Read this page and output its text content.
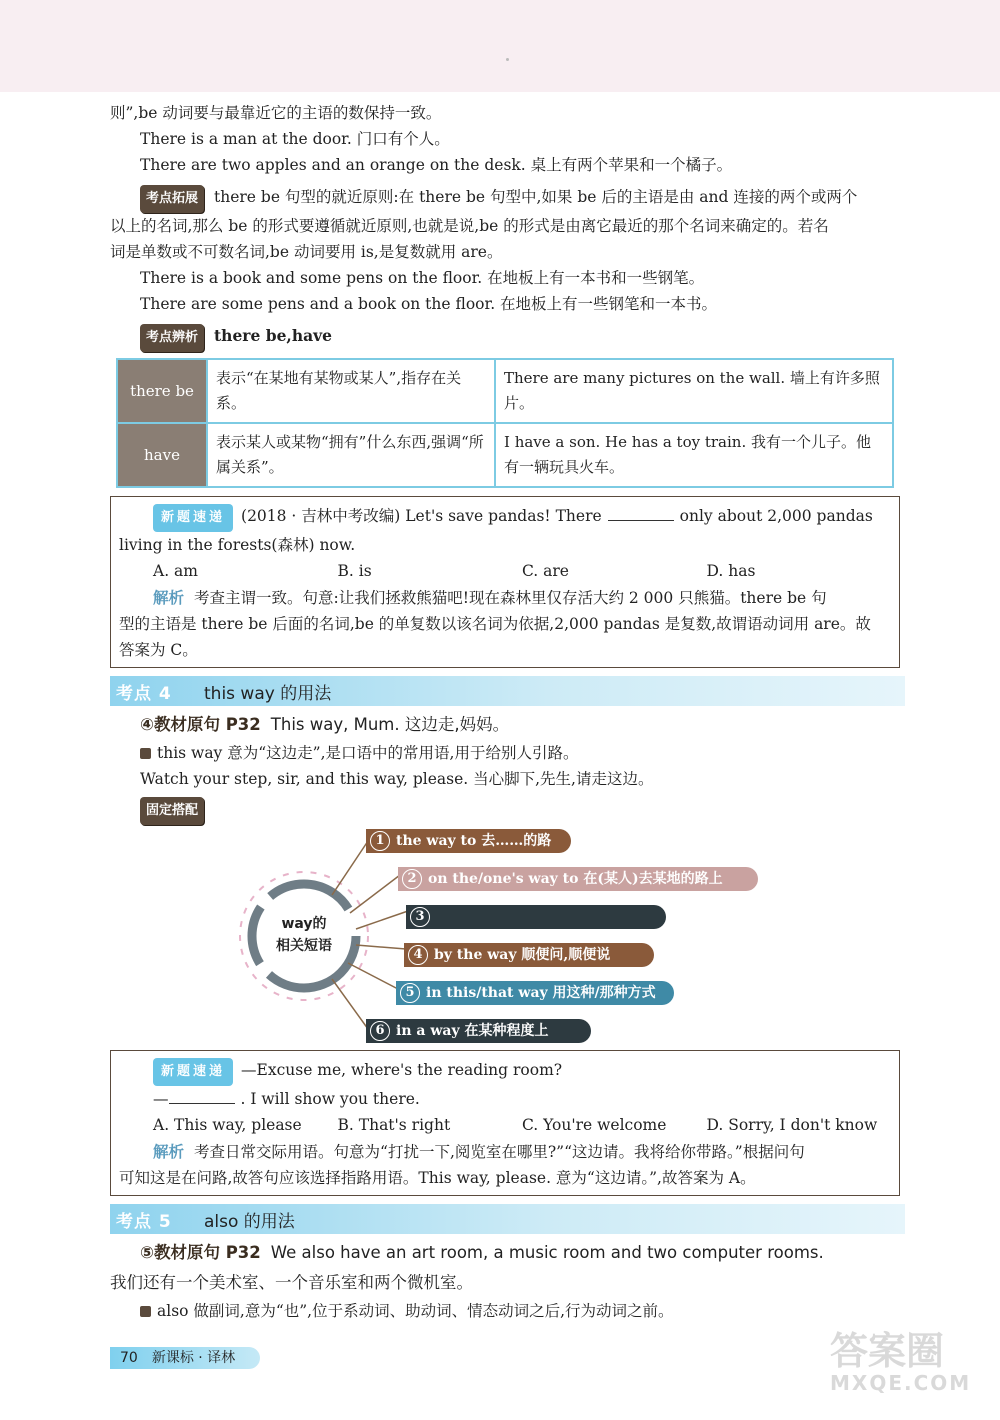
则”,be 动词要与最靠近它的主语的数保持一致。

There is a man at the door. 门口有个人。

There are two apples and an orange on the desk. 桌上有两个苹果和一个橘子。

考点拓展 there be 句型的就近原则:在 there be 句型中,如果 be 后的主语是由 and 连接的两个或两个

以上的名词,那么 be 的形式要遵循就近原则,也就是说,be 的形式是由离它最近的那个名词来确定的。若名

词是单数或不可数名词,be 动词要用 is,是复数就用 are。

There is a book and some pens on the floor. 在地板上有一本书和一些钢笔。

There are some pens and a book on the floor. 在地板上有一些钢笔和一本书。

考点辨析 there be,have

there be	表示“在某地有某物或某人”,指存在关系。	There are many pictures on the wall. 墙上有许多照片。
have	表示某人或某物“拥有”什么东西,强调“所属关系”。	I have a son. He has a toy train. 我有一个儿子。他有一辆玩具火车。

新题速递 (2018 · 吉林中考改编) Let's save pandas! There	only about 2,000 pandas

living in the forests(森林) now.

A. am	B. is	C. are	D. has

解析 考查主谓一致。句意:让我们拯救熊猫吧!现在森林里仅存活大约 2 000 只熊猫。there be 句

型的主语是 there be 后面的名词,be 的单复数以该名词为依据,2,000 pandas 是复数,故谓语动词用 are。故

答案为 C。

考点 4 this way 的用法
④教材原句 P32 This way, Mum. 这边走,妈妈。

this way 意为“这边走”,是口语中的常用语,用于给别人引路。

Watch your step, sir, and this way, please. 当心脚下,先生,请走这边。

固定搭配

way的
相关短语
1 the way to 去……的路
2 on the/one's way to 在(某人)去某地的路上
3
4 by the way 顺便问,顺便说
5 in this/that way 用这种/那种方式
6 in a way 在某种程度上

新题速递 —Excuse me, where's the reading room?

—	. I will show you there.

A. This way, please	B. That's right	C. You're welcome	D. Sorry, I don't know

解析 考查日常交际用语。句意为“打扰一下,阅览室在哪里?”“这边请。我将给你带路。”根据问句

可知这是在问路,故答句应该选择指路用语。This way, please. 意为“这边请。”,故答案为 A。

考点 5 also 的用法
⑤教材原句 P32 We also have an art room, a music room and two computer rooms.
我们还有一个美术室、一个音乐室和两个微机室。

also 做副词,意为“也”,位于系动词、助动词、情态动词之后,行为动词之前。

70 新课标 · 译林	答案圈
MXQE.COM
